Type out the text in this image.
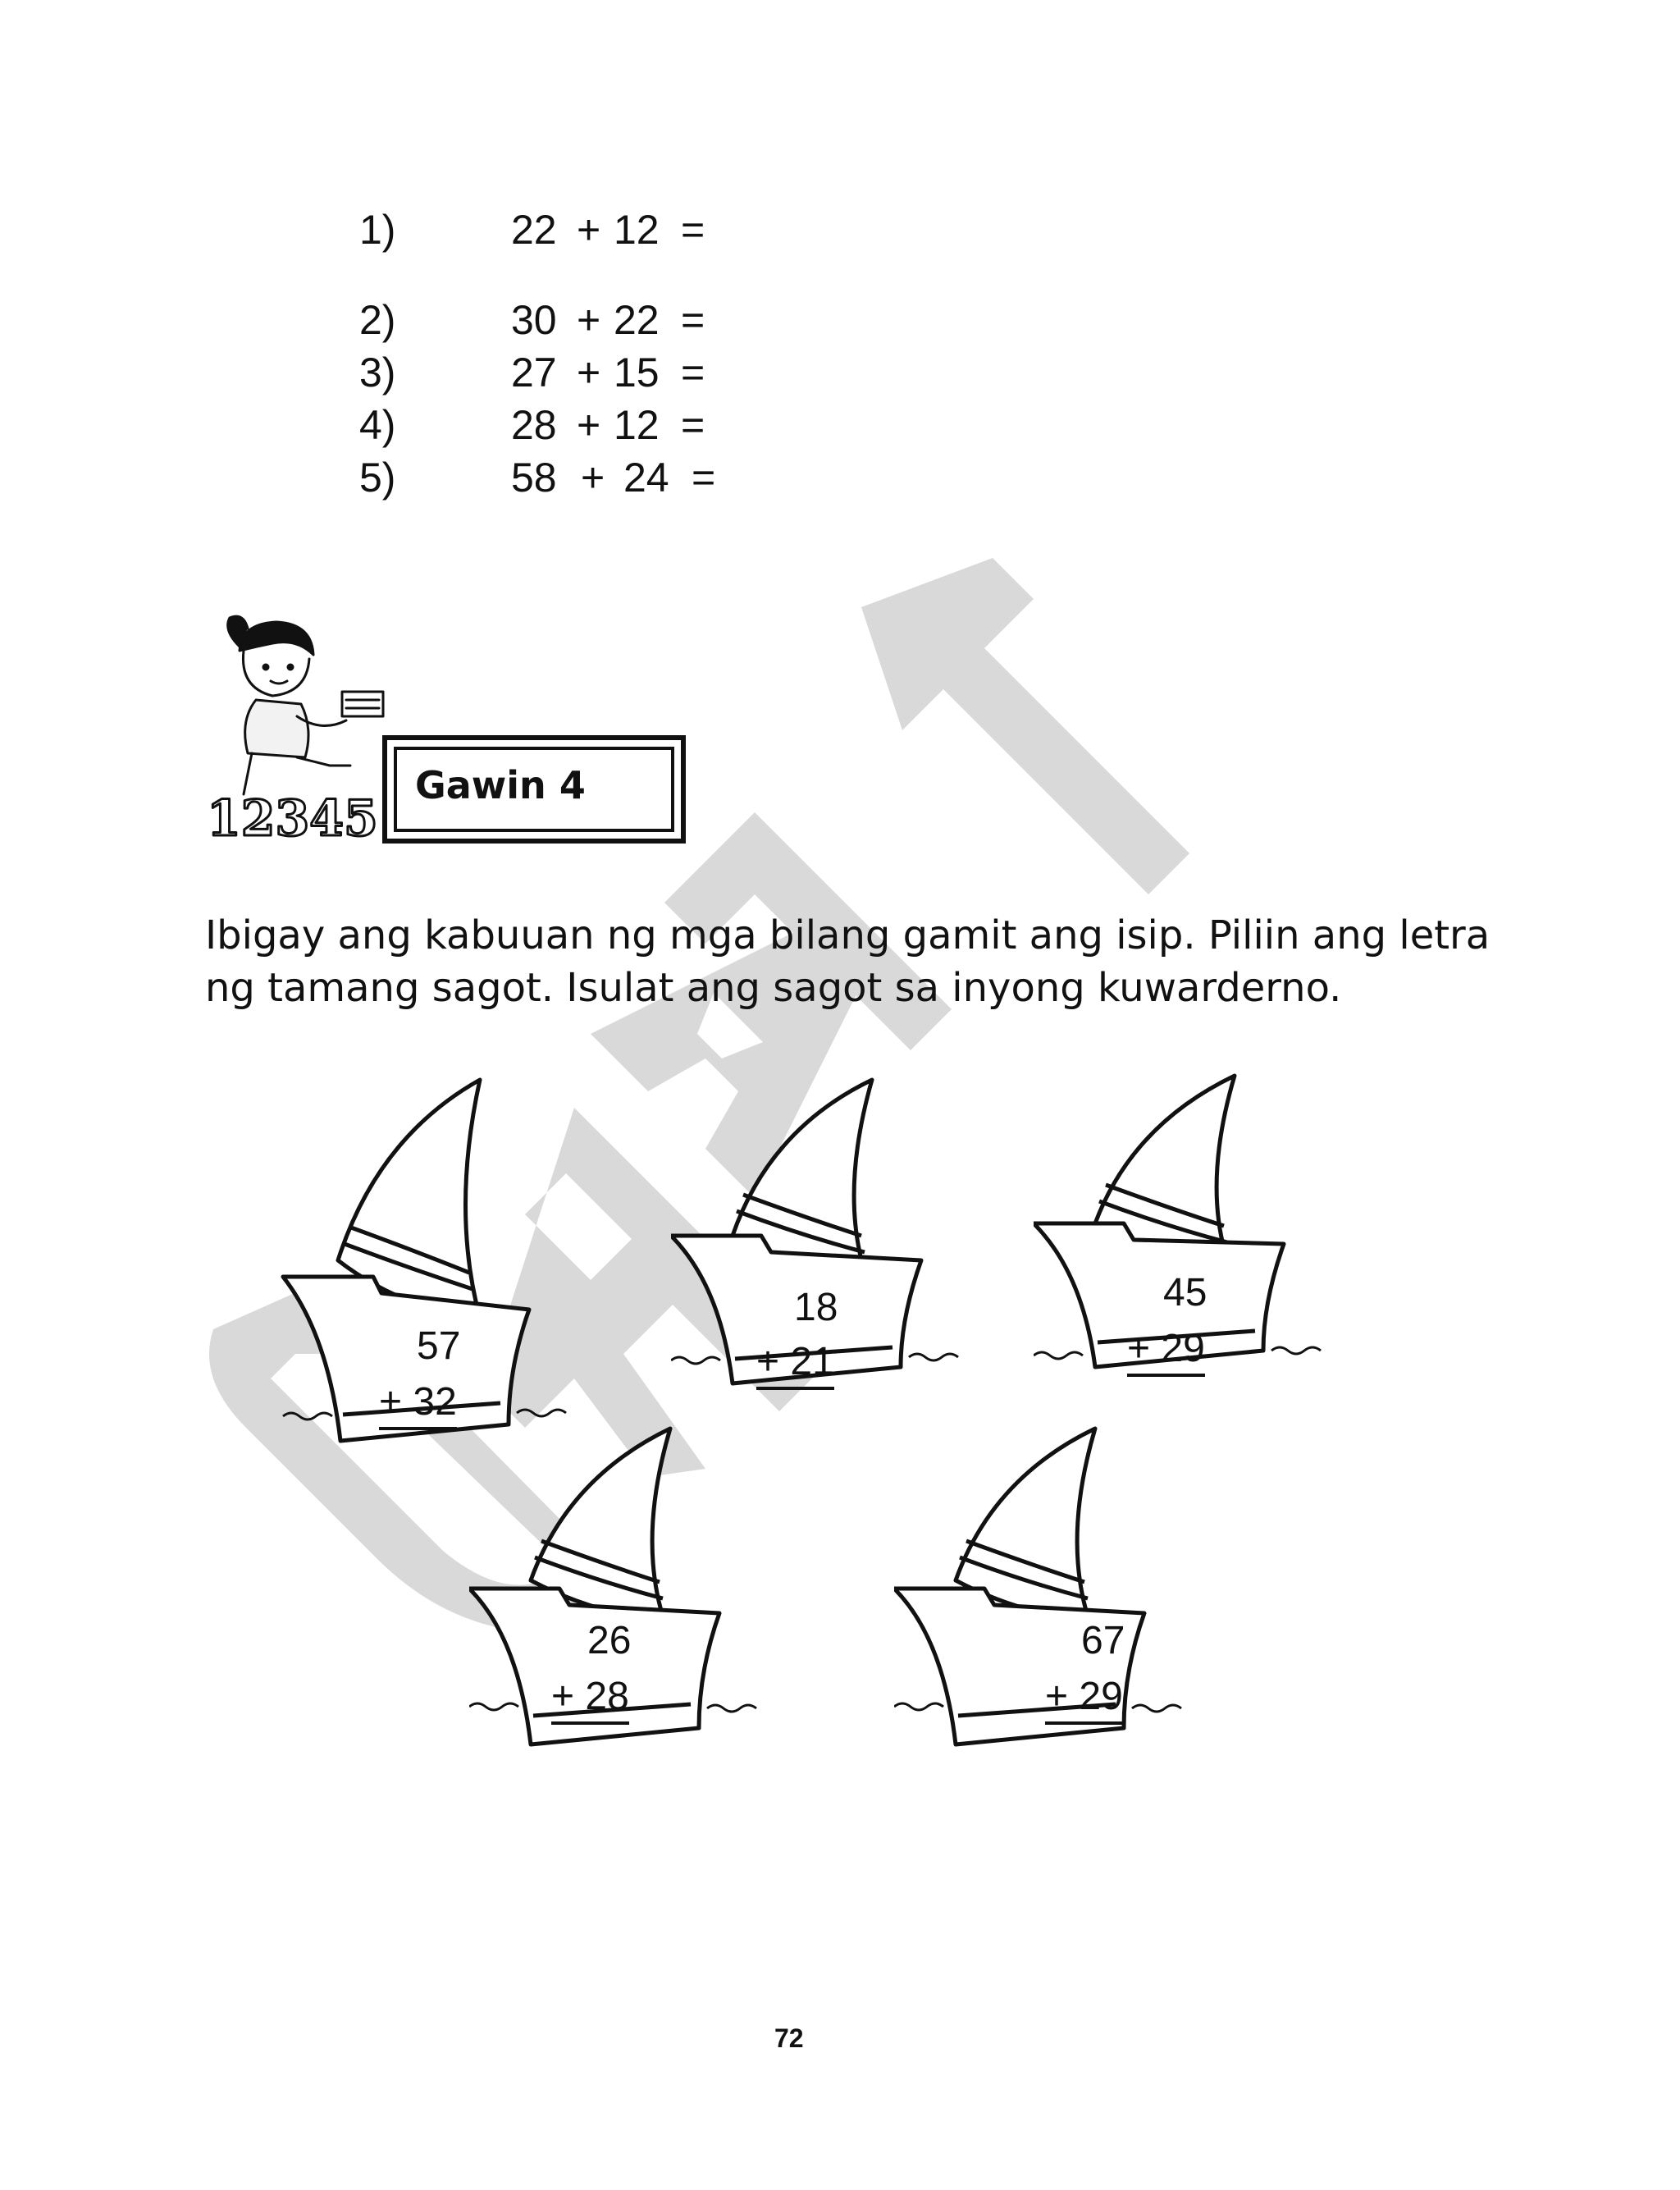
1)	22 + 12 =
2)	30 + 22 =
3)	27 + 15 =
4)	28 + 12 =
5)	58 + 24 =
12345
Gawin 4
Ibigay ang kabuuan ng mga bilang gamit ang isip. Piliin ang letra
ng tamang sagot. Isulat ang sagot sa inyong kuwarderno.
57
+ 32
18
+ 21
45
+ 29
26
+ 28
67
+ 29
72
